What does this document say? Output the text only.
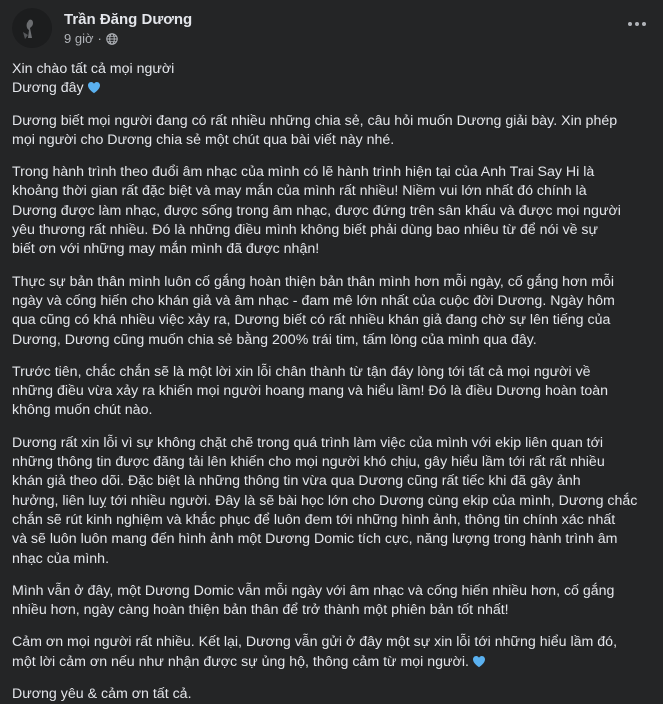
Trần Đăng Dương
9 giờ ·

Xin chào tất cả mọi người
Dương đây

Dương biết mọi người đang có rất nhiều những chia sẻ, câu hỏi muốn Dương giải bày. Xin phép
mọi người cho Dương chia sẻ một chút qua bài viết này nhé.

Trong hành trình theo đuổi âm nhạc của mình có lẽ hành trình hiện tại của Anh Trai Say Hi là
khoảng thời gian rất đặc biệt và may mắn của mình rất nhiều! Niềm vui lớn nhất đó chính là
Dương được làm nhạc, được sống trong âm nhạc, được đứng trên sân khấu và được mọi người
yêu thương rất nhiều. Đó là những điều mình không biết phải dùng bao nhiêu từ để nói về sự
biết ơn với những may mắn mình đã được nhận!

Thực sự bản thân mình luôn cố gắng hoàn thiện bản thân mình hơn mỗi ngày, cố gắng hơn mỗi
ngày và cống hiến cho khán giả và âm nhạc - đam mê lớn nhất của cuộc đời Dương. Ngày hôm
qua cũng có khá nhiều việc xảy ra, Dương biết có rất nhiều khán giả đang chờ sự lên tiếng của
Dương, Dương cũng muốn chia sẻ bằng 200% trái tim, tấm lòng của mình qua đây.

Trước tiên, chắc chắn sẽ là một lời xin lỗi chân thành từ tận đáy lòng tới tất cả mọi người về
những điều vừa xảy ra khiến mọi người hoang mang và hiểu lầm! Đó là điều Dương hoàn toàn
không muốn chút nào.

Dương rất xin lỗi vì sự không chặt chẽ trong quá trình làm việc của mình với ekip liên quan tới
những thông tin được đăng tải lên khiến cho mọi người khó chịu, gây hiểu lầm tới rất rất nhiều
khán giả theo dõi. Đặc biệt là những thông tin vừa qua Dương cũng rất tiếc khi đã gây ảnh
hưởng, liên luỵ tới nhiều người. Đây là sẽ bài học lớn cho Dương cùng ekip của mình, Dương chắc
chắn sẽ rút kinh nghiệm và khắc phục để luôn đem tới những hình ảnh, thông tin chính xác nhất
và sẽ luôn luôn mang đến hình ảnh một Dương Domic tích cực, năng lượng trong hành trình âm
nhạc của mình.

Mình vẫn ở đây, một Dương Domic vẫn mỗi ngày với âm nhạc và cống hiến nhiều hơn, cố gắng
nhiều hơn, ngày càng hoàn thiện bản thân để trở thành một phiên bản tốt nhất!

Cảm ơn mọi người rất nhiều. Kết lại, Dương vẫn gửi ở đây một sự xin lỗi tới những hiểu lầm đó,
một lời cảm ơn nếu như nhận được sự ủng hộ, thông cảm từ mọi người.

Dương yêu & cảm ơn tất cả.
